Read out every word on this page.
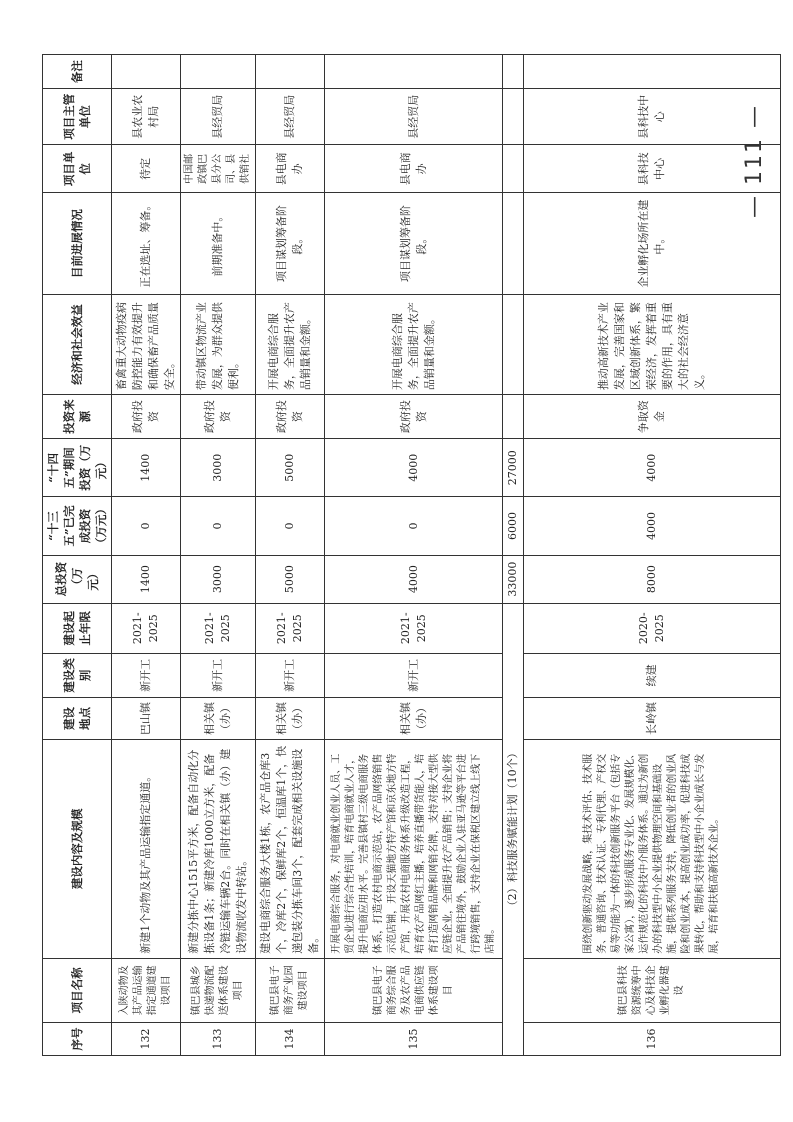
序号	项目名称	建设内容及规模	建设地点	建设类别	建设起止年限	总投资（万元）	“十三五”已完成投资（万元）	“十四五”期间投资（万元）	投资来源	经济和社会效益	目前进展情况	项目单位	项目主管单位	备注
132	入陕动物及其产品运输指定通道建设项目	新建1个动物及其产品运输指定通道。	巴山镇	新开工	2021-2025	1400	0	1400	政府投资	畜禽重大动物疫病防控能力有效提升和确保畜产品质量安全。	正在选址、筹备。	待定	县农业农村局	
133	镇巴县城乡快递物流配送体系建设项目	新建分拣中心1515平方米，配备自动化分拣设备1条；新建冷库1000立方米，配备冷链运输车辆2台。同时在相关镇（办）建设物流收发中转站。	相关镇（办）	新开工	2021-2025	3000	0	3000	政府投资	带动镇区物流产业发展，为群众提供便利。	前期准备中。	中国邮政镇巴县分公司、县供销社	县经贸局	
134	镇巴县电子商务产业园建设项目	建设电商综合服务大楼1栋，农产品仓库3个，冷库2个，保鲜库2个，恒温库1个，快递包装分拣车间3个，配套完成相关设施设备。	相关镇（办）	新开工	2021-2025	5000	0	5000	政府投资	开展电商综合服务，全面提升农产品销量和金额。	项目谋划筹备阶段。	县电商办	县经贸局	
135	镇巴县电子商务综合服务及农产品电商供应链体系建设项目	开展电商综合服务，对电商就业创业人员、工贸企业进行综合性培训，培育电商就业人才，提升电商应用水平。完善县镇村三级电商服务体系，打造农村电商示范站，农产品网络销售示范店铺，开设天猫地方特产馆和京东地方特产馆，开展农村电商服务体系升级改造工程，培育农产品网红主播，培养直播带货能人，培育打造网销品牌和网销名牌，支持对接大型供应链企业，全面提升农产品销售；支持企业将产品销往境外，鼓励企业入驻亚马逊等平台进行跨境销售，支持企业在保税区建立线上线下店铺。	相关镇（办）	新开工	2021-2025	4000	0	4000	政府投资	开展电商综合服务，全面提升农产品销量和金额。	项目谋划筹备阶段。	县电商办	县经贸局	
（2）科技服务赋能计划（10个）						33000	6000	27000						
136	镇巴县科技资源统筹中心及科技企业孵化器建设	围绕创新驱动发展战略，集技术评估、技术服务、普通咨询、技术认证、专利代理、产权交易等功能为一体的科技创新服务平台（包括专家公寓），逐步形成服务专业化、发展规模化、运作规范化的科技中介服务体系。通过为新创办的科技型中小企业提供物理空间和基础设施，提供系列服务支持，降低创业者的创业风险和创业成本，提高创业成功率，促进科技成果转化，帮助和支持科技型中小企业成长与发展，培育和扶植高新技术企业。	长岭镇	续建	2020-2025	8000	4000	4000	争取资金	推动高新技术产业发展，完善国家和区域创新体系，繁荣经济，发挥着重要的作用，具有重大的社会经济意义。	企业孵化场所在建中。	县科技中心	县科技中心		— 111 —
